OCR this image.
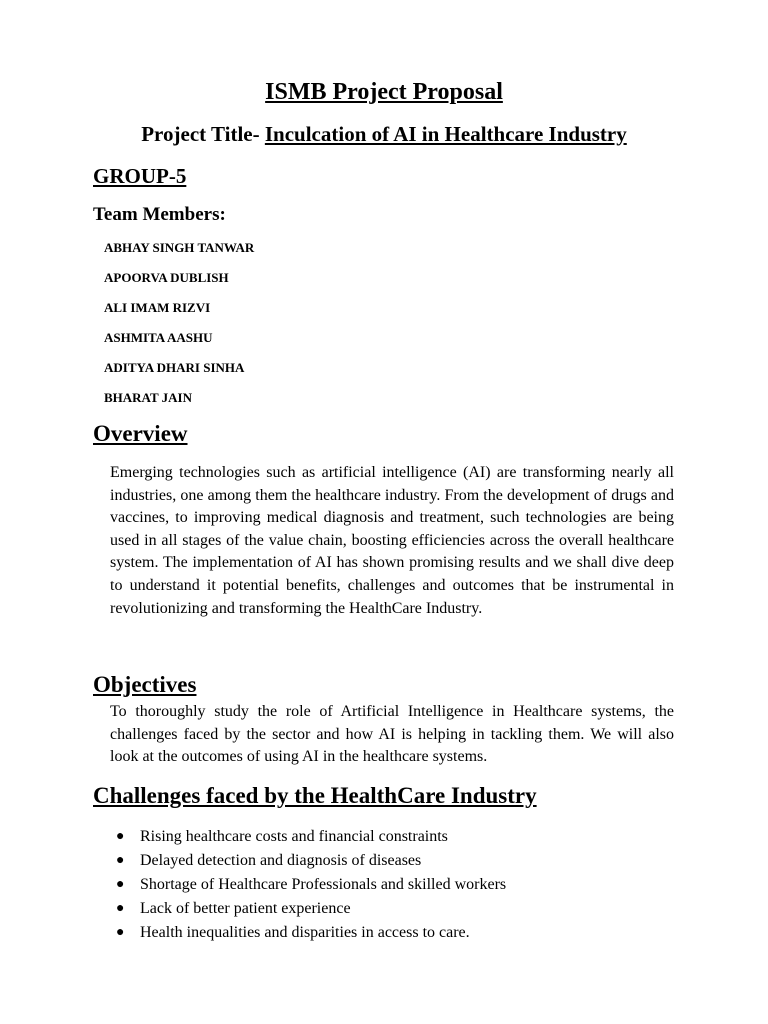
ISMB Project Proposal
Project Title- Inculcation of AI in Healthcare Industry
GROUP-5
Team Members:
ABHAY SINGH TANWAR
APOORVA DUBLISH
ALI IMAM RIZVI
ASHMITA AASHU
ADITYA DHARI SINHA
BHARAT JAIN
Overview

Emerging technologies such as artificial intelligence (AI) are transforming nearly all industries, one among them the healthcare industry. From the development of drugs and vaccines, to improving medical diagnosis and treatment, such technologies are being used in all stages of the value chain, boosting efficiencies across the overall healthcare system. The implementation of AI has shown promising results and we shall dive deep to understand it potential benefits, challenges and outcomes that be instrumental in revolutionizing and transforming the HealthCare Industry.

Objectives

To thoroughly study the role of Artificial Intelligence in Healthcare systems, the challenges faced by the sector and how AI is helping in tackling them. We will also look at the outcomes of using AI in the healthcare systems.

Challenges faced by the HealthCare Industry
● Rising healthcare costs and financial constraints
● Delayed detection and diagnosis of diseases
● Shortage of Healthcare Professionals and skilled workers
● Lack of better patient experience
● Health inequalities and disparities in access to care.
